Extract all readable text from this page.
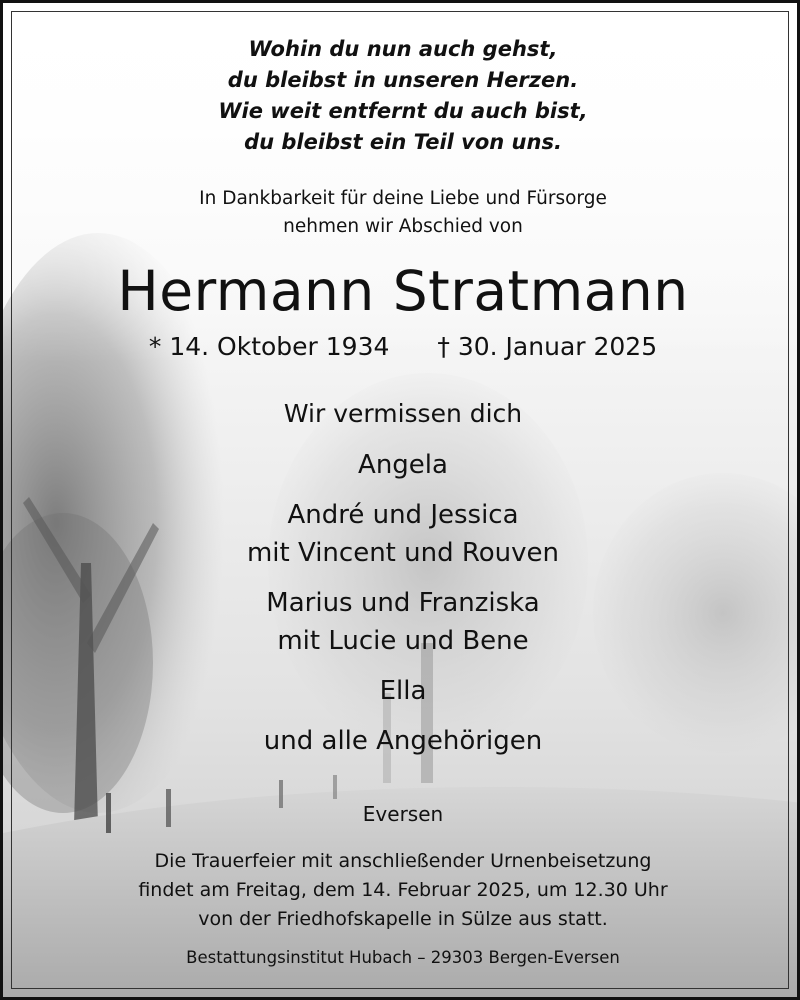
Wohin du nun auch gehst,
du bleibst in unseren Herzen.
Wie weit entfernt du auch bist,
du bleibst ein Teil von uns.
In Dankbarkeit für deine Liebe und Fürsorge
nehmen wir Abschied von
Hermann Stratmann
* 14. Oktober 1934 † 30. Januar 2025
Wir vermissen dich
Angela
André und Jessica
mit Vincent und Rouven
Marius und Franziska
mit Lucie und Bene
Ella
und alle Angehörigen
Eversen
Die Trauerfeier mit anschließender Urnenbeisetzung
findet am Freitag, dem 14. Februar 2025, um 12.30 Uhr
von der Friedhofskapelle in Sülze aus statt.
Bestattungsinstitut Hubach – 29303 Bergen-Eversen
